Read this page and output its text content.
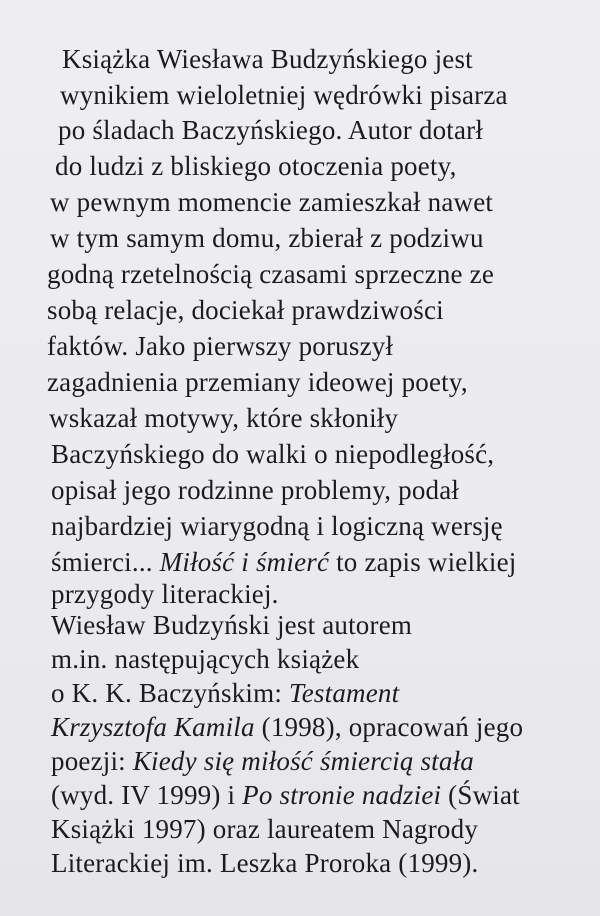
Książka Wiesława Budzyńskiego jest

wynikiem wieloletniej wędrówki pisarza

po śladach Baczyńskiego. Autor dotarł

do ludzi z bliskiego otoczenia poety,

w pewnym momencie zamieszkał nawet

w tym samym domu, zbierał z podziwu

godną rzetelnością czasami sprzeczne ze

sobą relacje, dociekał prawdziwości

faktów. Jako pierwszy poruszył

zagadnienia przemiany ideowej poety,

wskazał motywy, które skłoniły

Baczyńskiego do walki o niepodległość,

opisał jego rodzinne problemy, podał

najbardziej wiarygodną i logiczną wersję

śmierci... Miłość i śmierć to zapis wielkiej

przygody literackiej.

Wiesław Budzyński jest autorem

m.in. następujących książek

o K. K. Baczyńskim: Testament

Krzysztofa Kamila (1998), opracowań jego

poezji: Kiedy się miłość śmiercią stała

(wyd. IV 1999) i Po stronie nadziei (Świat

Książki 1997) oraz laureatem Nagrody

Literackiej im. Leszka Proroka (1999).
